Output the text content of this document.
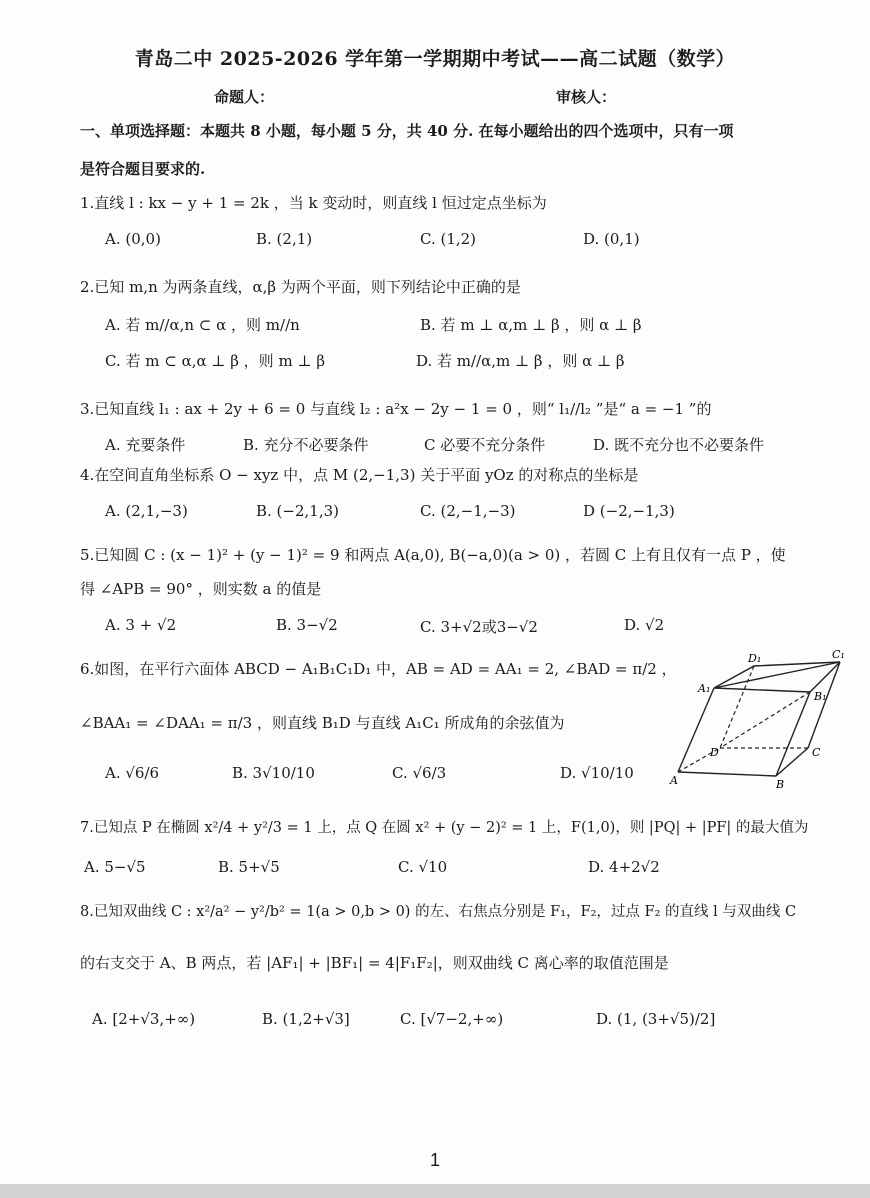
青岛二中 2025-2026 学年第一学期期中考试——高二试题（数学）
命题人：	审核人：
一、单项选择题：本题共 8 小题，每小题 5 分，共 40 分. 在每小题给出的四个选项中，只有一项
是符合题目要求的.
1.直线 l : kx − y + 1 = 2k ，当 k 变动时，则直线 l 恒过定点坐标为
A. (0,0)	B. (2,1)	C. (1,2)	D. (0,1)
2.已知 m,n 为两条直线，α,β 为两个平面，则下列结论中正确的是
A. 若 m//α,n ⊂ α ，则 m//n	B. 若 m ⊥ α,m ⊥ β ，则 α ⊥ β
C. 若 m ⊂ α,α ⊥ β ，则 m ⊥ β	D. 若 m//α,m ⊥ β ，则 α ⊥ β
3.已知直线 l₁ : ax + 2y + 6 = 0 与直线 l₂ : a²x − 2y − 1 = 0 ，则“ l₁//l₂ ”是“ a = −1 ”的
A. 充要条件	B. 充分不必要条件	C 必要不充分条件	D. 既不充分也不必要条件
4.在空间直角坐标系 O − xyz 中，点 M (2,−1,3) 关于平面 yOz 的对称点的坐标是
A. (2,1,−3)	B. (−2,1,3)	C. (2,−1,−3)	D (−2,−1,3)
5.已知圆 C : (x − 1)² + (y − 1)² = 9 和两点 A(a,0), B(−a,0)(a > 0) ，若圆 C 上有且仅有一点 P ，使
得 ∠APB = 90° ，则实数 a 的值是
A. 3 + √2	B. 3−√2	C. 3+√2或3−√2	D. √2
6.如图，在平行六面体 ABCD − A₁B₁C₁D₁ 中，AB = AD = AA₁ = 2, ∠BAD = π/2 ，
∠BAA₁ = ∠DAA₁ = π/3 ，则直线 B₁D 与直线 A₁C₁ 所成角的余弦值为
A. √6/6	B. 3√10/10	C. √6/3	D. √10/10
D₁	C₁
A₁
B₁
D	C
A	B
7.已知点 P 在椭圆 x²/4 + y²/3 = 1 上，点 Q 在圆 x² + (y − 2)² = 1 上，F(1,0)，则 |PQ| + |PF| 的最大值为
A. 5−√5	B. 5+√5	C. √10	D. 4+2√2
8.已知双曲线 C : x²/a² − y²/b² = 1(a > 0,b > 0) 的左、右焦点分别是 F₁，F₂，过点 F₂ 的直线 l 与双曲线 C
的右支交于 A、B 两点，若 |AF₁| + |BF₁| = 4|F₁F₂|，则双曲线 C 离心率的取值范围是
A. [2+√3,+∞)	B. (1,2+√3]	C. [√7−2,+∞)	D. (1, (3+√5)/2]
1
